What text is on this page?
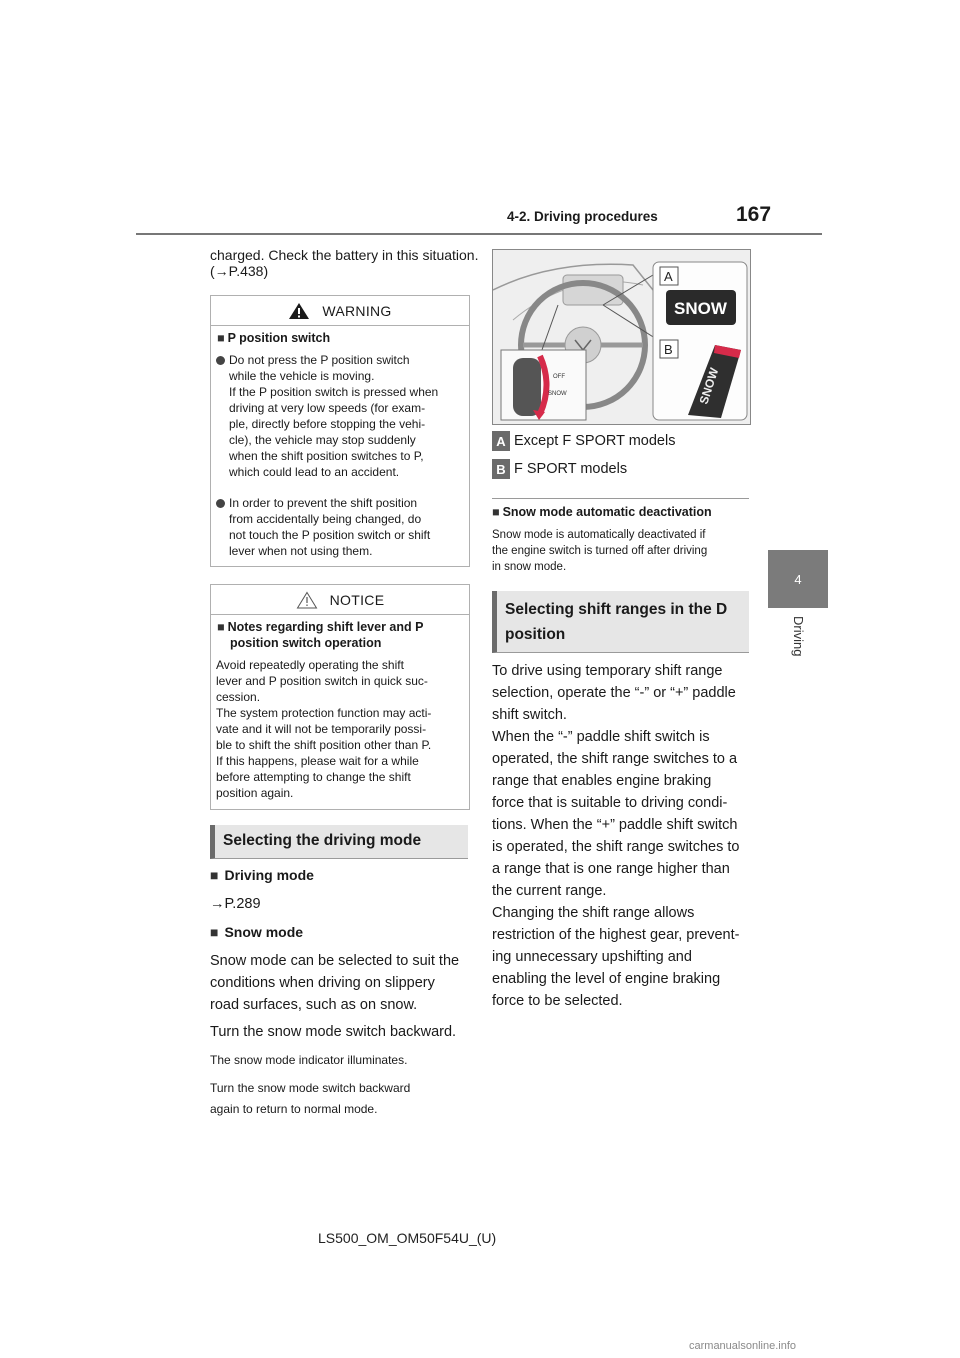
4-2. Driving procedures	167
4
Driving
charged. Check the battery in this situation.
(→P.438)
WARNING
■ P position switch
Do not press the P position switch
while the vehicle is moving.
If the P position switch is pressed when
driving at very low speeds (for exam-
ple, directly before stopping the vehi-
cle), the vehicle may stop suddenly
when the shift position switches to P,
which could lead to an accident.
In order to prevent the shift position
from accidentally being changed, do
not touch the P position switch or shift
lever when not using them.
NOTICE
■ Notes regarding shift lever and P
position switch operation
Avoid repeatedly operating the shift
lever and P position switch in quick suc-
cession.
The system protection function may acti-
vate and it will not be temporarily possi-
ble to shift the shift position other than P.
If this happens, please wait for a while
before attempting to change the shift
position again.
Selecting the driving mode
■ Driving mode
→P.289
■ Snow mode
Snow mode can be selected to suit the
conditions when driving on slippery
road surfaces, such as on snow.
Turn the snow mode switch backward.
The snow mode indicator illuminates.
Turn the snow mode switch backward
again to return to normal mode.
OFF
SNOW
A
SNOW
B
SNOW
A Except F SPORT models
B F SPORT models
■ Snow mode automatic deactivation
Snow mode is automatically deactivated if
the engine switch is turned off after driving
in snow mode.
Selecting shift ranges in the D
position
To drive using temporary shift range
selection, operate the “-” or “+” paddle
shift switch.
When the “-” paddle shift switch is
operated, the shift range switches to a
range that enables engine braking
force that is suitable to driving condi-
tions. When the “+” paddle shift switch
is operated, the shift range switches to
a range that is one range higher than
the current range.
Changing the shift range allows
restriction of the highest gear, prevent-
ing unnecessary upshifting and
enabling the level of engine braking
force to be selected.
LS500_OM_OM50F54U_(U)
carmanualsonline.info
